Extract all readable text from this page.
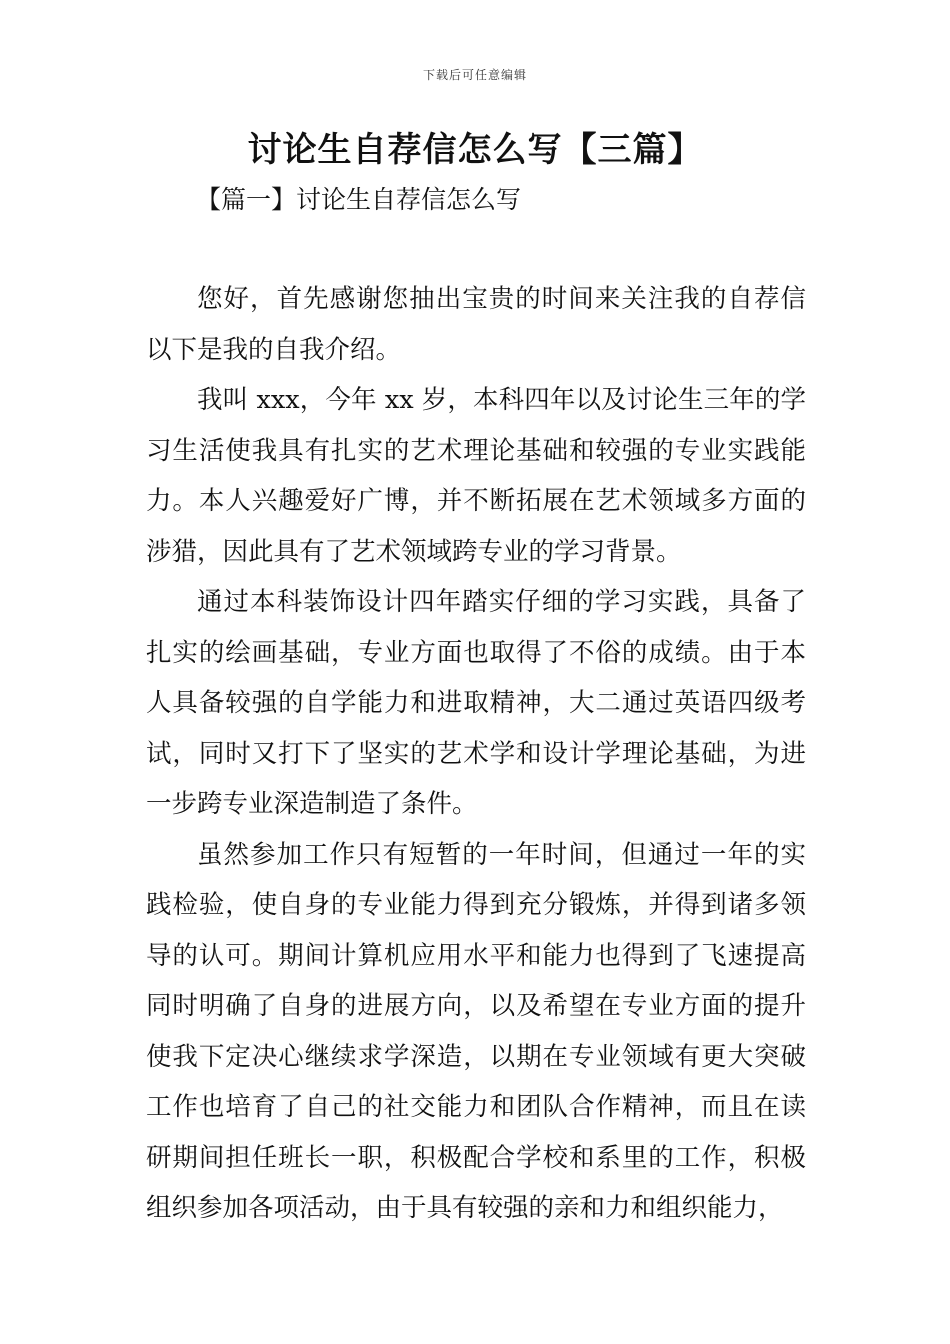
下载后可任意编辑
讨论生自荐信怎么写【三篇】
【篇一】讨论生自荐信怎么写

您好，首先感谢您抽出宝贵的时间来关注我的自荐信以下是我的自我介绍。

我叫 xxx，今年 xx 岁，本科四年以及讨论生三年的学习生活使我具有扎实的艺术理论基础和较强的专业实践能力。本人兴趣爱好广博，并不断拓展在艺术领域多方面的涉猎，因此具有了艺术领域跨专业的学习背景。

通过本科装饰设计四年踏实仔细的学习实践，具备了扎实的绘画基础，专业方面也取得了不俗的成绩。由于本人具备较强的自学能力和进取精神，大二通过英语四级考试，同时又打下了坚实的艺术学和设计学理论基础，为进一步跨专业深造制造了条件。

虽然参加工作只有短暂的一年时间，但通过一年的实践检验，使自身的专业能力得到充分锻炼，并得到诸多领导的认可。期间计算机应用水平和能力也得到了飞速提高同时明确了自身的进展方向，以及希望在专业方面的提升使我下定决心继续求学深造，以期在专业领域有更大突破工作也培育了自己的社交能力和团队合作精神，而且在读研期间担任班长一职，积极配合学校和系里的工作，积极组织参加各项活动，由于具有较强的亲和力和组织能力，
